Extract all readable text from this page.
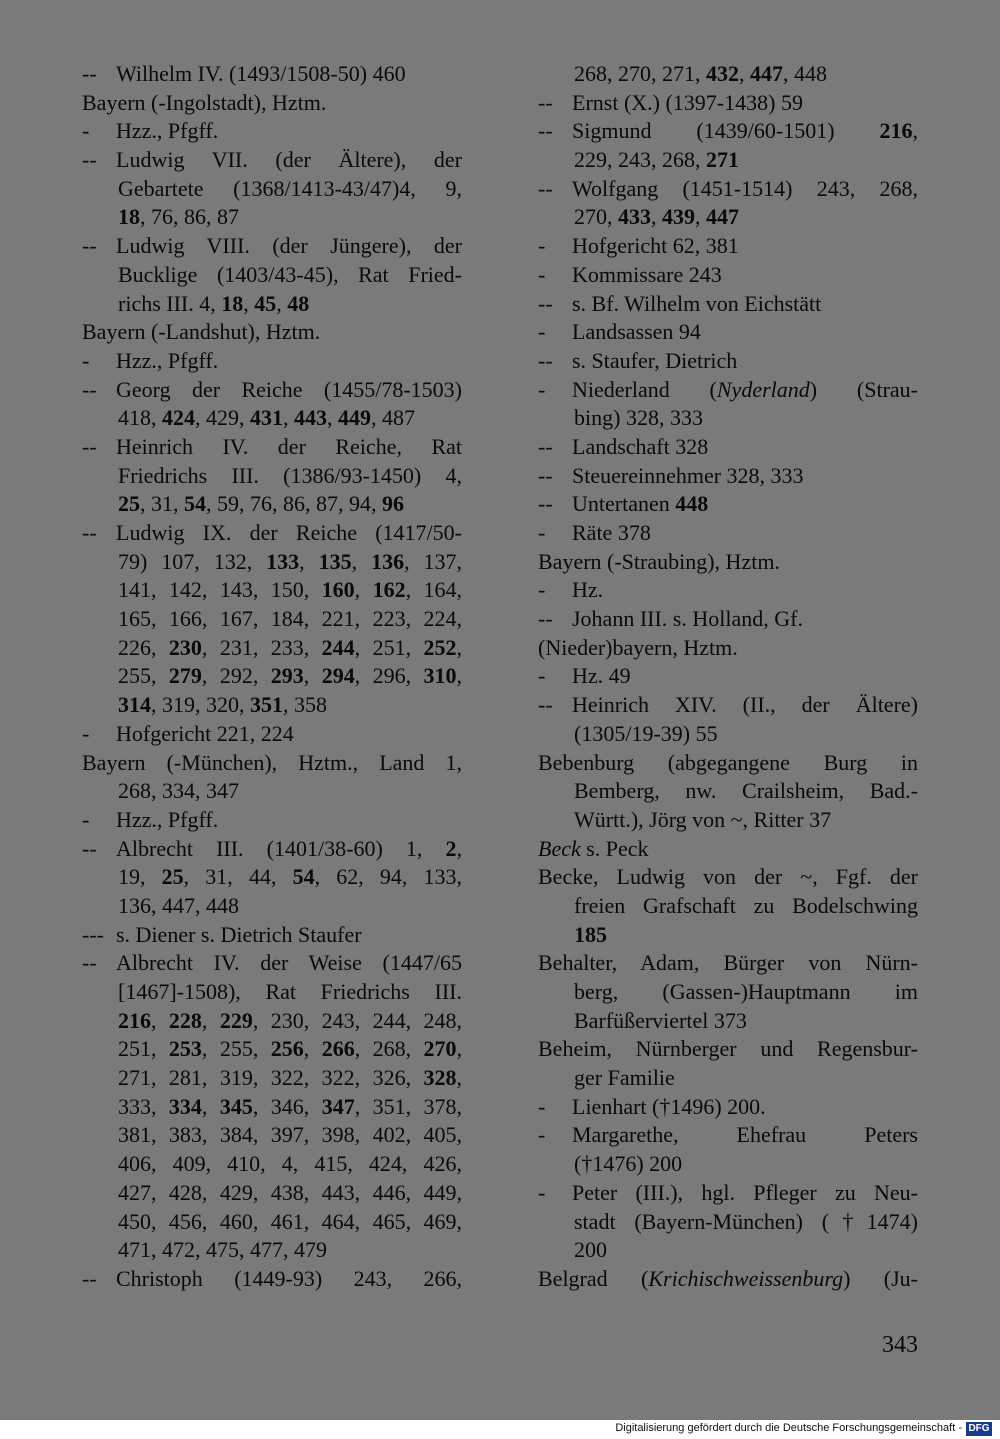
-- Wilhelm IV. (1493/1508-50) 460
Bayern (-Ingolstadt), Hztm.
- Hzz., Pfgff.
-- Ludwig VII. (der Ältere), der
Gebartete (1368/1413-43/47)4, 9,
18, 76, 86, 87
-- Ludwig VIII. (der Jüngere), der
Bucklige (1403/43-45), Rat Fried-
richs III. 4, 18, 45, 48
Bayern (-Landshut), Hztm.
- Hzz., Pfgff.
-- Georg der Reiche (1455/78-1503)
418, 424, 429, 431, 443, 449, 487
-- Heinrich IV. der Reiche, Rat
Friedrichs III. (1386/93-1450) 4,
25, 31, 54, 59, 76, 86, 87, 94, 96
-- Ludwig IX. der Reiche (1417/50-
79) 107, 132, 133, 135, 136, 137,
141, 142, 143, 150, 160, 162, 164,
165, 166, 167, 184, 221, 223, 224,
226, 230, 231, 233, 244, 251, 252,
255, 279, 292, 293, 294, 296, 310,
314, 319, 320, 351, 358
- Hofgericht 221, 224
Bayern (-München), Hztm., Land 1,
268, 334, 347
- Hzz., Pfgff.
-- Albrecht III. (1401/38-60) 1, 2,
19, 25, 31, 44, 54, 62, 94, 133,
136, 447, 448
--- s. Diener s. Dietrich Staufer
-- Albrecht IV. der Weise (1447/65
[1467]-1508), Rat Friedrichs III.
216, 228, 229, 230, 243, 244, 248,
251, 253, 255, 256, 266, 268, 270,
271, 281, 319, 322, 322, 326, 328,
333, 334, 345, 346, 347, 351, 378,
381, 383, 384, 397, 398, 402, 405,
406, 409, 410, 4, 415, 424, 426,
427, 428, 429, 438, 443, 446, 449,
450, 456, 460, 461, 464, 465, 469,
471, 472, 475, 477, 479
-- Christoph (1449-93) 243, 266,
268, 270, 271, 432, 447, 448
-- Ernst (X.) (1397-1438) 59
-- Sigmund (1439/60-1501) 216,
229, 243, 268, 271
-- Wolfgang (1451-1514) 243, 268,
270, 433, 439, 447
- Hofgericht 62, 381
- Kommissare 243
-- s. Bf. Wilhelm von Eichstätt
- Landsassen 94
-- s. Staufer, Dietrich
-	Niederland (Nyderland) (Strau-
bing) 328, 333
-- Landschaft 328
-- Steuereinnehmer 328, 333
-- Untertanen 448
- Räte 378
Bayern (-Straubing), Hztm.
- Hz.
-- Johann III. s. Holland, Gf.
(Nieder)bayern, Hztm.
- Hz. 49
-- Heinrich XIV. (II., der Ältere)
(1305/19-39) 55
Bebenburg (abgegangene Burg in
Bemberg, nw. Crailsheim, Bad.-
Württ.), Jörg von ~, Ritter 37
Beck s. Peck
Becke, Ludwig von der ~, Fgf. der
freien Grafschaft zu Bodelschwing
185
Behalter, Adam, Bürger von Nürn-
berg, (Gassen-)Hauptmann im
Barfüßerviertel 373
Beheim, Nürnberger und Regensbur-
ger Familie
- Lienhart (†1496) 200.
-	Margarethe, Ehefrau Peters
(†1476) 200
-	Peter (III.), hgl. Pfleger zu Neu-
stadt (Bayern-München) (†1474)
200
Belgrad (Krichischweissenburg) (Ju-
343
Digitalisierung gefördert durch die Deutsche Forschungsgemeinschaft - DFG
